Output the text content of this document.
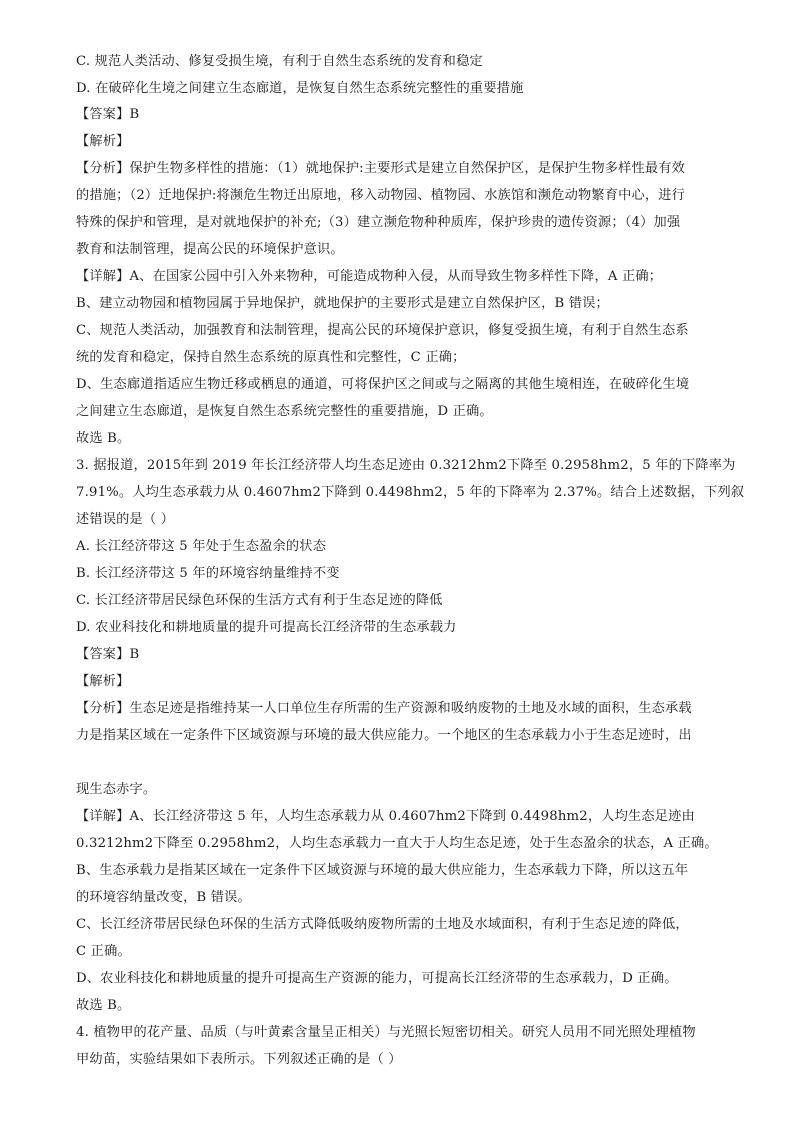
C. 规范人类活动、修复受损生境，有利于自然生态系统的发育和稳定
D. 在破碎化生境之间建立生态廊道，是恢复自然生态系统完整性的重要措施
【答案】B
【解析】
【分析】保护生物多样性的措施：（1）就地保护:主要形式是建立自然保护区，是保护生物多样性最有效
的措施；（2）迁地保护:将濒危生物迁出原地，移入动物园、植物园、水族馆和濒危动物繁育中心，进行
特殊的保护和管理，是对就地保护的补充;（3）建立濒危物种种质库，保护珍贵的遗传资源；（4）加强
教育和法制管理，提高公民的环境保护意识。
【详解】A、在国家公园中引入外来物种，可能造成物种入侵，从而导致生物多样性下降，A 正确；
B、建立动物园和植物园属于异地保护，就地保护的主要形式是建立自然保护区，B 错误；
C、规范人类活动，加强教育和法制管理，提高公民的环境保护意识，修复受损生境，有利于自然生态系
统的发育和稳定，保持自然生态系统的原真性和完整性，C 正确；
D、生态廊道指适应生物迁移或栖息的通道，可将保护区之间或与之隔离的其他生境相连，在破碎化生境
之间建立生态廊道，是恢复自然生态系统完整性的重要措施，D 正确。
故选 B。
3. 据报道，2015年到 2019 年长江经济带人均生态足迹由 0.3212hm2下降至 0.2958hm2，5 年的下降率为
7.91%。人均生态承载力从 0.4607hm2下降到 0.4498hm2，5 年的下降率为 2.37%。结合上述数据，下列叙
述错误的是（ ）
A. 长江经济带这 5 年处于生态盈余的状态
B. 长江经济带这 5 年的环境容纳量维持不变
C. 长江经济带居民绿色环保的生活方式有利于生态足迹的降低
D. 农业科技化和耕地质量的提升可提高长江经济带的生态承载力
【答案】B
【解析】
【分析】生态足迹是指维持某一人口单位生存所需的生产资源和吸纳废物的土地及水域的面积，生态承载
力是指某区域在一定条件下区域资源与环境的最大供应能力。一个地区的生态承载力小于生态足迹时，出
现生态赤字。
【详解】A、长江经济带这 5 年，人均生态承载力从 0.4607hm2下降到 0.4498hm2，人均生态足迹由
0.3212hm2下降至 0.2958hm2，人均生态承载力一直大于人均生态足迹，处于生态盈余的状态，A 正确。
B、生态承载力是指某区域在一定条件下区域资源与环境的最大供应能力，生态承载力下降，所以这五年
的环境容纳量改变，B 错误。
C、长江经济带居民绿色环保的生活方式降低吸纳废物所需的土地及水域面积，有利于生态足迹的降低，
C 正确。
D、农业科技化和耕地质量的提升可提高生产资源的能力，可提高长江经济带的生态承载力，D 正确。
故选 B。
4. 植物甲的花产量、品质（与叶黄素含量呈正相关）与光照长短密切相关。研究人员用不同光照处理植物
甲幼苗，实验结果如下表所示。下列叙述正确的是（ ）
